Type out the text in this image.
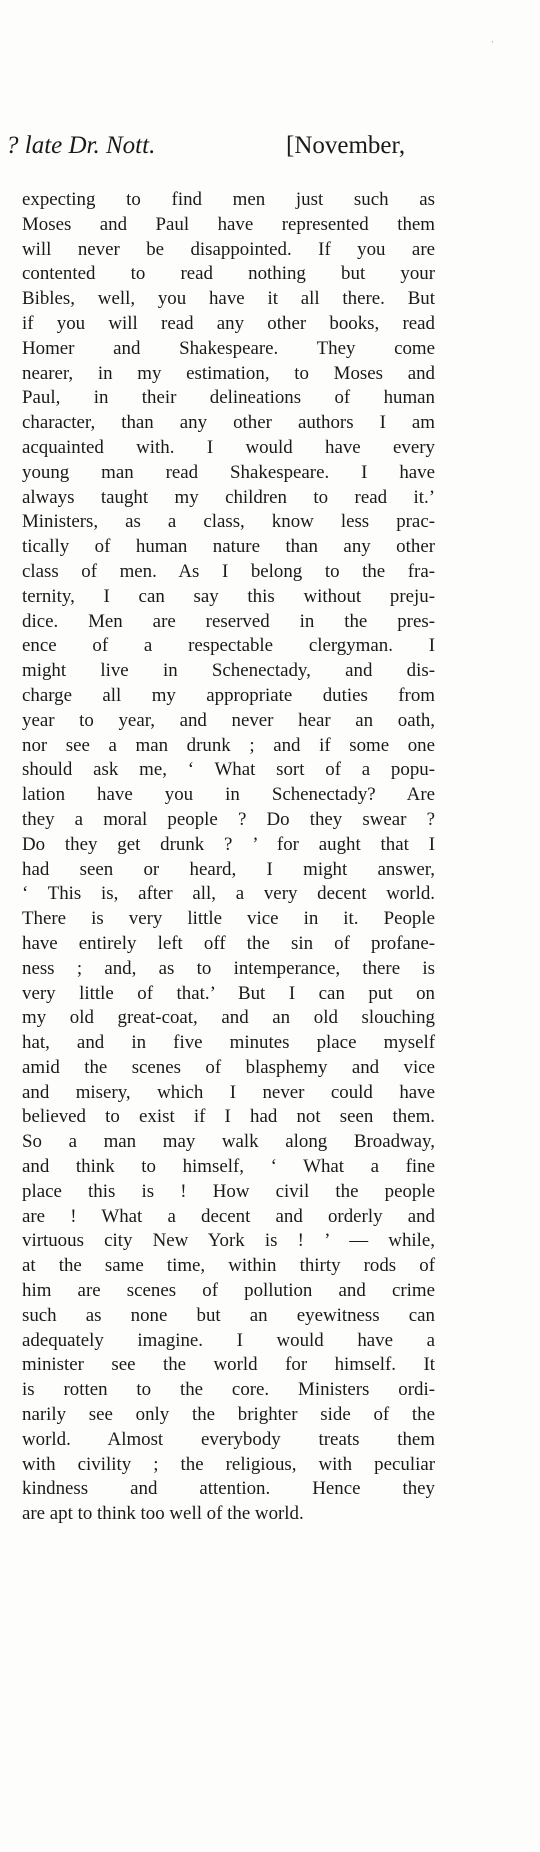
·
? late Dr. Nott.	[November,
expecting to find men just such as
Moses and Paul have represented them
will never be disappointed. If you are
contented to read nothing but your
Bibles, well, you have it all there. But
if you will read any other books, read
Homer and Shakespeare. They come
nearer, in my estimation, to Moses and
Paul, in their delineations of human
character, than any other authors I am
acquainted with. I would have every
young man read Shakespeare. I have
always taught my children to read it.’
Ministers, as a class, know less prac-
tically of human nature than any other
class of men. As I belong to the fra-
ternity, I can say this without preju-
dice. Men are reserved in the pres-
ence of a respectable clergyman. I
might live in Schenectady, and dis-
charge all my appropriate duties from
year to year, and never hear an oath,
nor see a man drunk ; and if some one
should ask me, ‘ What sort of a popu-
lation have you in Schenectady? Are
they a moral people ? Do they swear ?
Do they get drunk ? ’ for aught that I
had seen or heard, I might answer,
‘ This is, after all, a very decent world.
There is very little vice in it. People
have entirely left off the sin of profane-
ness ; and, as to intemperance, there is
very little of that.’ But I can put on
my old great-coat, and an old slouching
hat, and in five minutes place myself
amid the scenes of blasphemy and vice
and misery, which I never could have
believed to exist if I had not seen them.
So a man may walk along Broadway,
and think to himself, ‘ What a fine
place this is ! How civil the people
are ! What a decent and orderly and
virtuous city New York is ! ’ — while,
at the same time, within thirty rods of
him are scenes of pollution and crime
such as none but an eyewitness can
adequately imagine. I would have a
minister see the world for himself. It
is rotten to the core. Ministers ordi-
narily see only the brighter side of the
world. Almost everybody treats them
with civility ; the religious, with peculiar
kindness and attention. Hence they
are apt to think too well of the world.
